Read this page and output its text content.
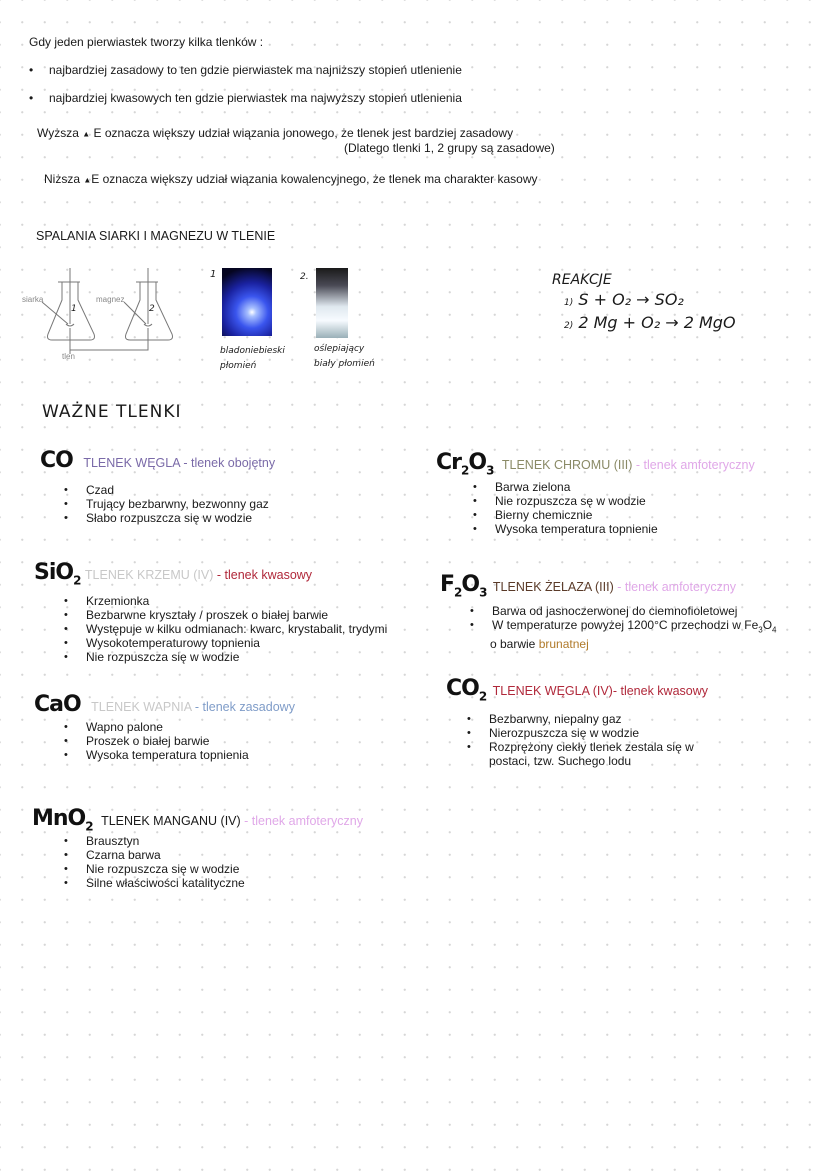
Gdy jeden pierwiastek tworzy kilka tlenków :
• najbardziej zasadowy to ten gdzie pierwiastek ma najniższy stopień utlenienie
• najbardziej kwasowych ten gdzie pierwiastek ma najwyższy stopień utlenienia
Wyższa ▲ E oznacza większy udział wiązania jonowego, że tlenek jest bardziej zasadowy
(Dlatego tlenki 1, 2 grupy są zasadowe)
Niższa ▲E oznacza większy udział wiązania kowalencyjnego, że tlenek ma charakter kasowy
SPALANIA SIARKI I MAGNEZU W TLENIE
siarka	magnez
tlen
1	2
1
bladoniebieski
płomień
2.
oślepiający
biały płomień
REAKCJE
1) S + O₂ → SO₂
2) 2 Mg + O₂ → 2 MgO
WAŻNE TLENKI
CO TLENEK WĘGLA - tlenek obojętny
• Czad
• Trujący bezbarwny, bezwonny gaz
• Słabo rozpuszcza się w wodzie
$Cr_2O_3$ TLENEK CHROMU (III) - tlenek amfoteryczny
• Barwa zielona
• Nie rozpuszcza sę w wodzie
• Bierny chemicznie
• Wysoka temperatura topnienie
SiO$_2$ TLENEK KRZEMU (IV) - tlenek kwasowy
• Krzemionka
• Bezbarwne kryształy / proszek o białej barwie
• Występuje w kilku odmianach: kwarc, krystabalit, trydymi
• Wysokotemperaturowy topnienia
• Nie rozpuszcza się w wodzie
$F_2O_3$ TLENEK ŻELAZA (III) - tlenek amfoteryczny
• Barwa od jasnoczerwonej do ciemnofioletowej
• W temperaturze powyżej 1200°C przechodzi w $Fe_3O_4$
o barwie brunatnej
CaO TLENEK WAPNIA - tlenek zasadowy
• Wapno palone
• Proszek o białej barwie
• Wysoka temperatura topnienia
$CO_2$ TLENEK WĘGLA (IV)- tlenek kwasowy
• Bezbarwny, niepalny gaz
• Nierozpuszcza się w wodzie
• Rozprężony ciekły tlenek zestala się w
postaci, tzw. Suchego lodu
MnO$_2$ TLENEK MANGANU (IV) - tlenek amfoteryczny
• Brausztyn
• Czarna barwa
• Nie rozpuszcza się w wodzie
• Silne właściwości katalityczne
